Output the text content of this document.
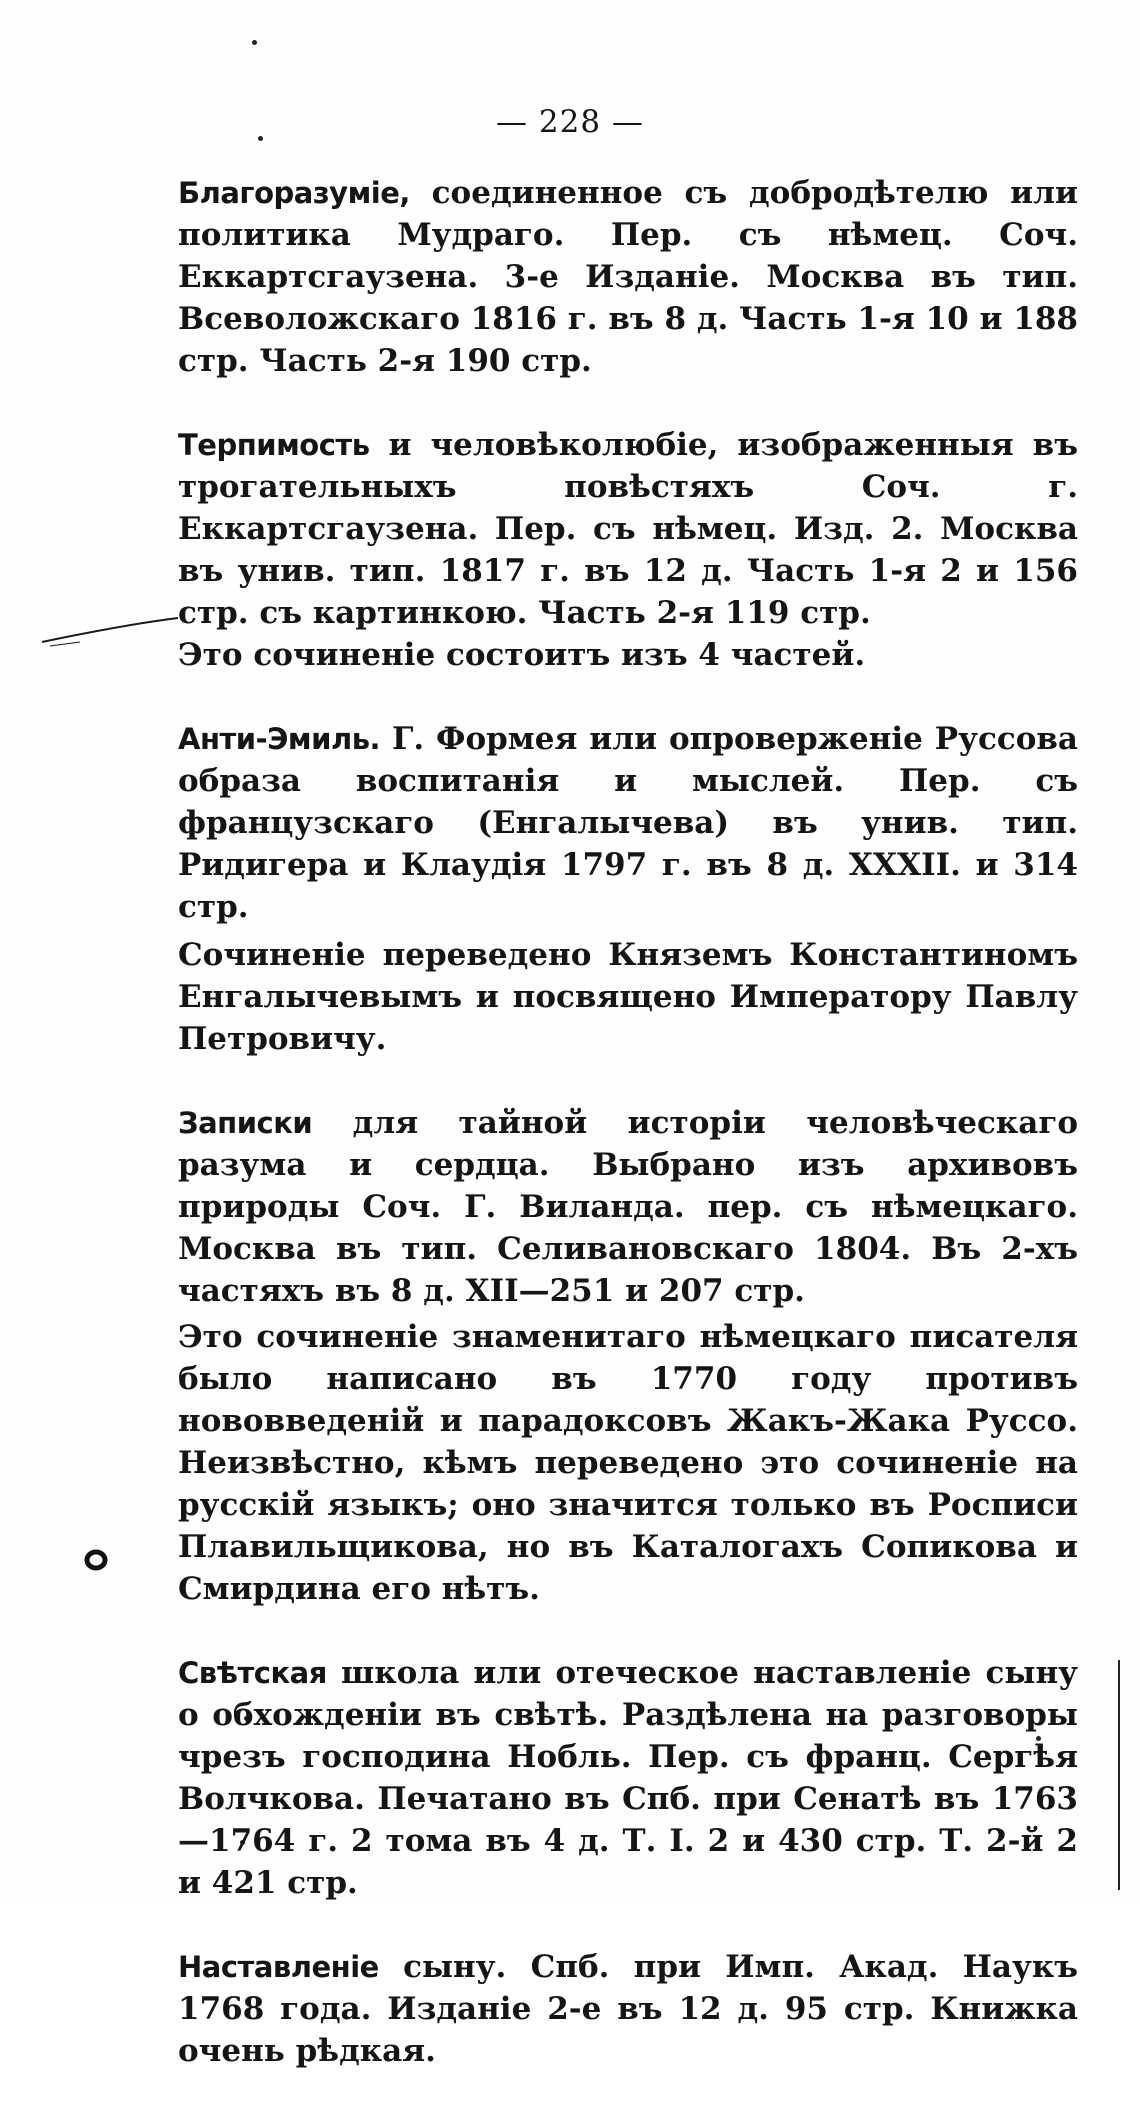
— 228 —

Благоразуміе, соединенное съ добродѣтелю или политика Мудраго. Пер. съ нѣмец. Соч. Еккартсгаузена. 3-е Изданіе. Москва въ тип. Всеволожскаго 1816 г. въ 8 д. Часть 1-я 10 и 188 стр. Часть 2-я 190 стр.

Терпимость и человѣколюбіе, изображенныя въ трогательныхъ повѣстяхъ Соч. г. Еккартсгаузена. Пер. съ нѣмец. Изд. 2. Москва въ унив. тип. 1817 г. въ 12 д. Часть 1-я 2 и 156 стр. съ картинкою. Часть 2-я 119 стр.

Это сочиненіе состоитъ изъ 4 частей.

Анти-Эмиль. Г. Формея или опроверженіе Руссова образа воспитанія и мыслей. Пер. съ французскаго (Енгалычева) въ унив. тип. Ридигера и Клаудія 1797 г. въ 8 д. XXXII. и 314 стр.

Сочиненіе переведено Княземъ Константиномъ Енгалычевымъ и посвящено Императору Павлу Петровичу.

Записки для тайной исторіи человѣческаго разума и сердца. Выбрано изъ архивовъ природы Соч. Г. Виланда. пер. съ нѣмецкаго. Москва въ тип. Селивановскаго 1804. Въ 2-хъ частяхъ въ 8 д. XII—251 и 207 стр.

Это сочиненіе знаменитаго нѣмецкаго писателя было написано въ 1770 году противъ нововведеній и парадоксовъ Жакъ-Жака Руссо. Неизвѣстно, кѣмъ переведено это сочиненіе на русскій языкъ; оно значится только въ Росписи Плавильщикова, но въ Каталогахъ Сопикова и Смирдина его нѣтъ.

Свѣтская школа или отеческое наставленіе сыну о обхожденіи въ свѣтѣ. Раздѣлена на разговоры чрезъ господина Нобль. Пер. съ франц. Сергѣя Волчкова. Печатано въ Спб. при Сенатѣ въ 1763—1764 г. 2 тома въ 4 д. Т. I. 2 и 430 стр. Т. 2-й 2 и 421 стр.

Наставленіе сыну. Спб. при Имп. Акад. Наукъ 1768 года. Изданіе 2-е въ 12 д. 95 стр. Книжка очень рѣдкая.
